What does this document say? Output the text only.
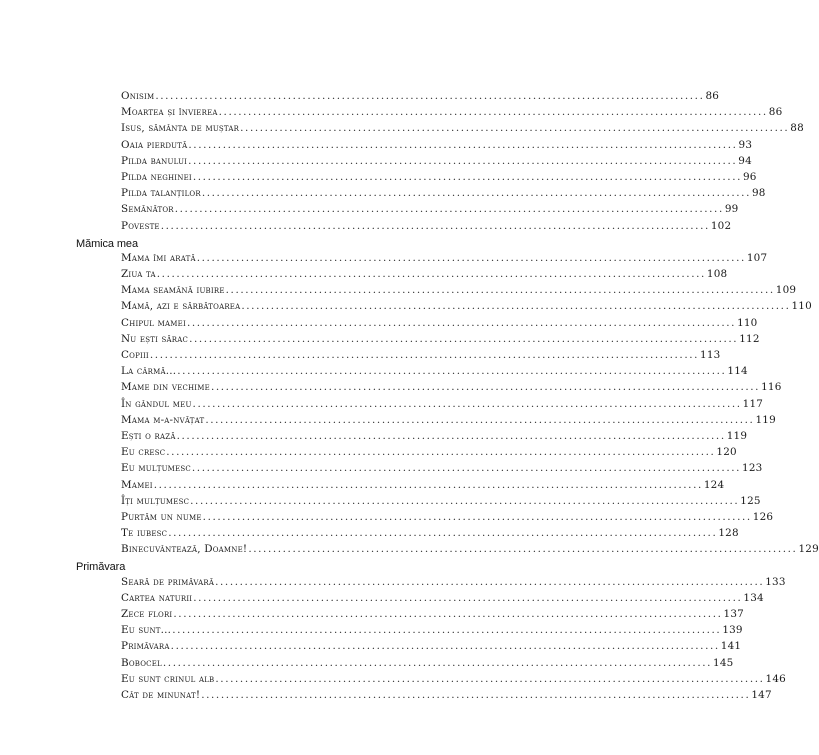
Onisim ................................................................................................................ 86
Moartea și învierea ................................................................................................................ 86
Isus, sământa de muștar ................................................................................................................ 88
Oaia pierdută ................................................................................................................ 93
Pilda banului ................................................................................................................ 94
Pilda neghinei ................................................................................................................ 96
Pilda talanților ................................................................................................................ 98
Semănător ................................................................................................................ 99
Poveste ................................................................................................................ 102
Mămica mea
Mama îmi arată ................................................................................................................ 107
Ziua ta ................................................................................................................ 108
Mama seamănă iubire ................................................................................................................ 109
Mamă, azi e sărbătoarea ................................................................................................................ 110
Chipul mamei ................................................................................................................ 110
Nu ești sărac ................................................................................................................ 112
Copiii ................................................................................................................ 113
La cârmă... ................................................................................................................ 114
Mame din vechime ................................................................................................................ 116
În gândul meu ................................................................................................................ 117
Mama m-a-nvățat ................................................................................................................ 119
Ești o rază ................................................................................................................ 119
Eu cresc ................................................................................................................ 120
Eu mulțumesc ................................................................................................................ 123
Mamei ................................................................................................................ 124
Îți mulțumesc ................................................................................................................ 125
Purtăm un nume ................................................................................................................ 126
Te iubesc ................................................................................................................ 128
Binecuvântează, Doamne! ................................................................................................................ 129
Primăvara
Seară de primăvară ................................................................................................................ 133
Cartea naturii ................................................................................................................ 134
Zece flori ................................................................................................................ 137
Eu sunt... ................................................................................................................ 139
Primăvara ................................................................................................................ 141
Bobocel ................................................................................................................ 145
Eu sunt crinul alb ................................................................................................................ 146
Cât de minunat! ................................................................................................................ 147
